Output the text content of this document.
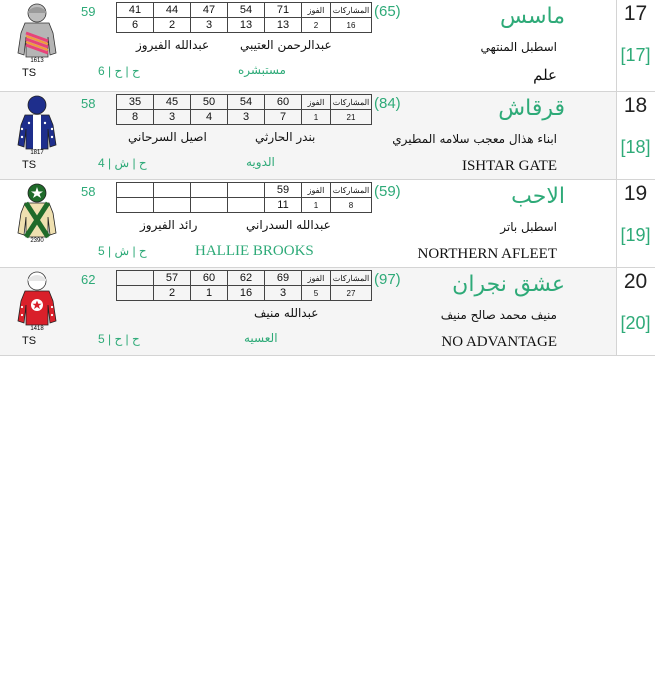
17
[17]
ماسس
(65)
اسطبل المنتهي
علم
59
عبدالرحمن العتيبي
عبدالله الفيروز
مستبشره
ح | ح | 6
TS
1613
41	44	47	54	71	الفوز	المشاركات
6	2	3	13	13	2	16
18
[18]
قرقاش
(84)
ابناء هذال معجب سلامه المطيري
ISHTAR GATE
58
بندر الحارثي
اصيل السرحاني
الدويه
ح | ش | 4
TS
1817
35	45	50	54	60	الفوز	المشاركات
8	3	4	3	7	1	21
19
[19]
الاحب
(59)
اسطبل باتر
NORTHERN AFLEET
58
عبدالله السدراني
رائد الفيروز
HALLIE BROOKS
ح | ش | 5
2390
				59	الفوز	المشاركات
				11	1	8
20
[20]
عشق نجران
(97)
منيف محمد صالح منيف
NO ADVANTAGE
62
عبدالله منيف
العسيه
ح | ح | 5
TS
1418
	57	60	62	69	الفوز	المشاركات
	2	1	16	3	5	27
